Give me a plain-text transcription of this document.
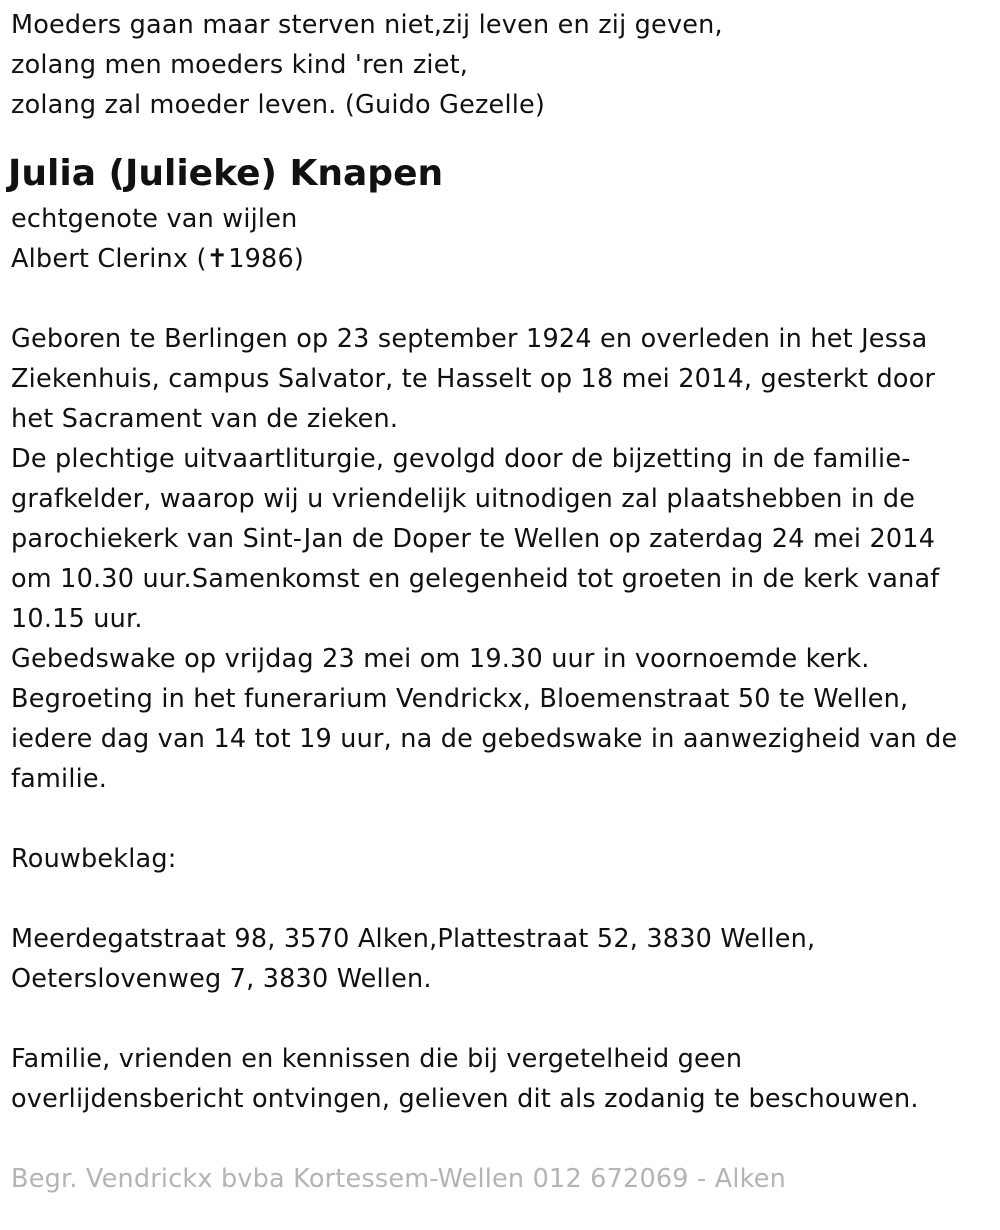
Moeders gaan maar sterven niet,zij leven en zij geven,
zolang men moeders kind 'ren ziet,
zolang zal moeder leven. (Guido Gezelle)
Julia (Julieke) Knapen
echtgenote van wijlen
Albert Clerinx (✝1986)
Geboren te Berlingen op 23 september 1924 en overleden in het Jessa
Ziekenhuis, campus Salvator, te Hasselt op 18 mei 2014, gesterkt door
het Sacrament van de zieken.
De plechtige uitvaartliturgie, gevolgd door de bijzetting in de familie-
grafkelder, waarop wij u vriendelijk uitnodigen zal plaatshebben in de
parochiekerk van Sint-Jan de Doper te Wellen op zaterdag 24 mei 2014
om 10.30 uur.Samenkomst en gelegenheid tot groeten in de kerk vanaf
10.15 uur.
Gebedswake op vrijdag 23 mei om 19.30 uur in voornoemde kerk.
Begroeting in het funerarium Vendrickx, Bloemenstraat 50 te Wellen,
iedere dag van 14 tot 19 uur, na de gebedswake in aanwezigheid van de
familie.
Rouwbeklag:
Meerdegatstraat 98, 3570 Alken,Plattestraat 52, 3830 Wellen,
Oeterslovenweg 7, 3830 Wellen.
Familie, vrienden en kennissen die bij vergetelheid geen
overlijdensbericht ontvingen, gelieven dit als zodanig te beschouwen.
Begr. Vendrickx bvba Kortessem-Wellen 012 672069 - Alken
